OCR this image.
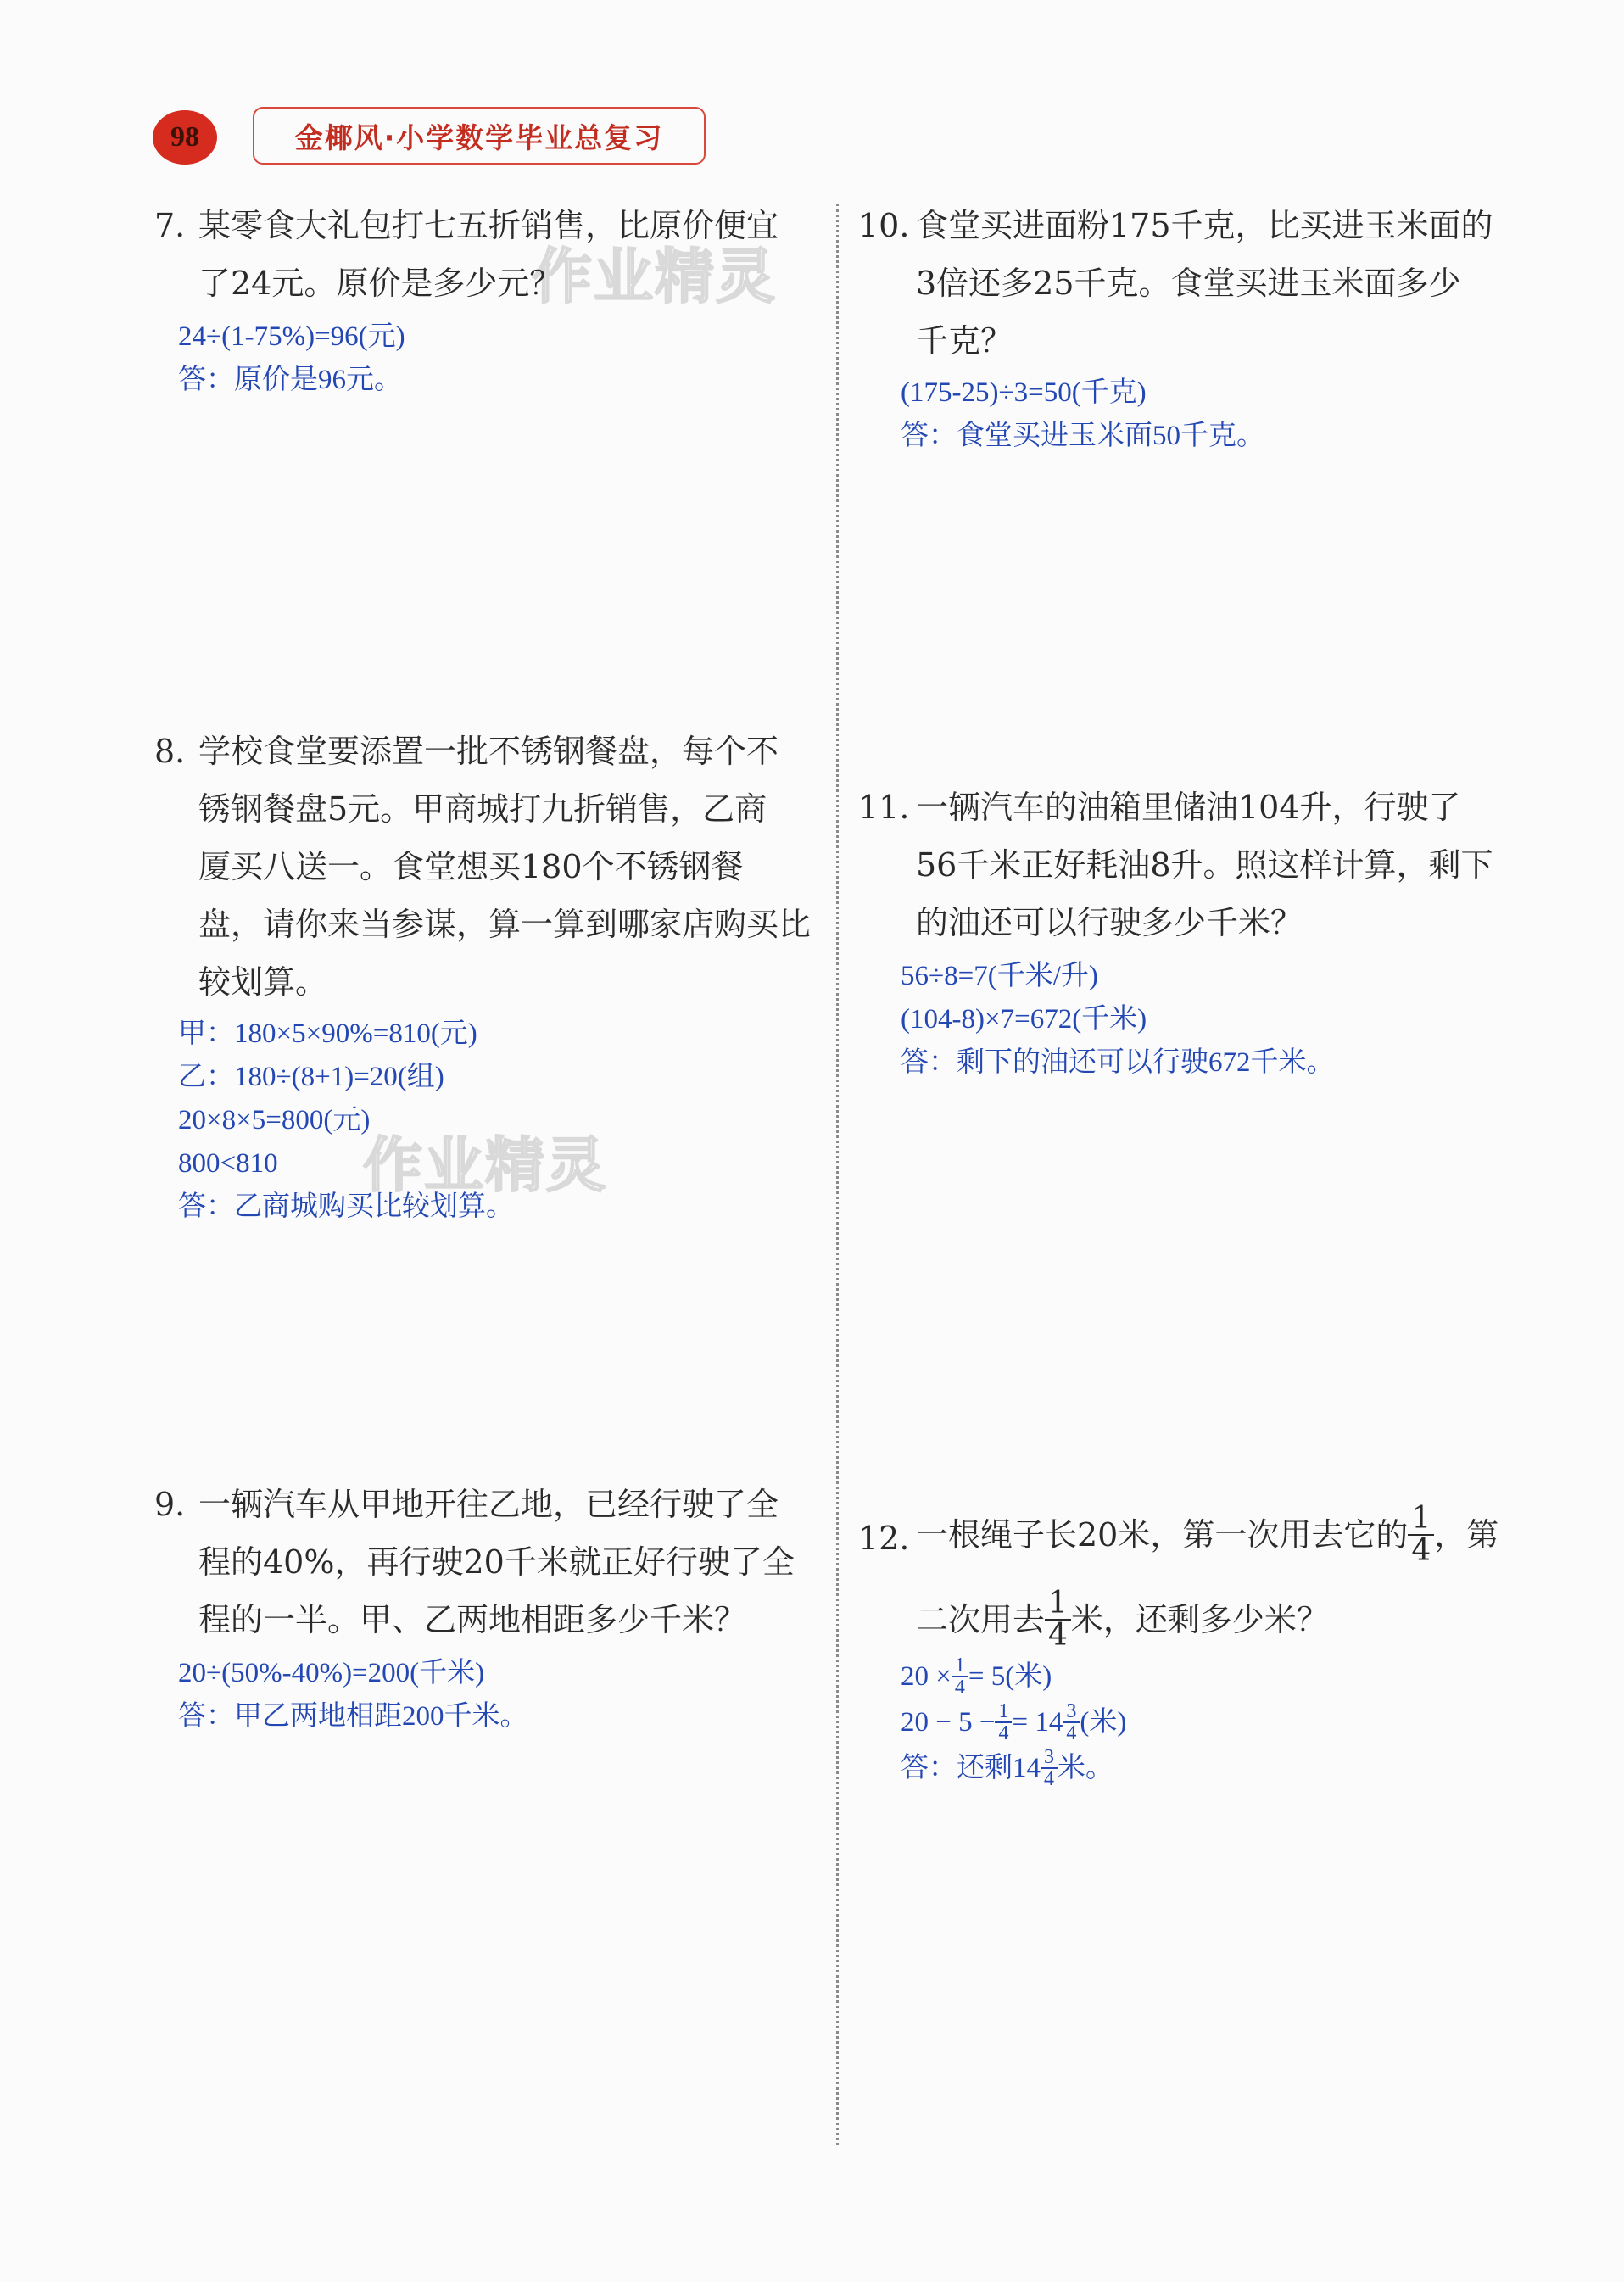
98	金椰风·小学数学毕业总复习
作业精灵
作业精灵
7. 某零食大礼包打七五折销售，比原价便宜
了24元。原价是多少元？
24÷(1-75%)=96(元)
答：原价是96元。
10. 食堂买进面粉175千克，比买进玉米面的
3倍还多25千克。食堂买进玉米面多少
千克？
(175-25)÷3=50(千克)
答：食堂买进玉米面50千克。
8. 学校食堂要添置一批不锈钢餐盘，每个不
锈钢餐盘5元。甲商城打九折销售，乙商
厦买八送一。食堂想买180个不锈钢餐
盘，请你来当参谋，算一算到哪家店购买比
较划算。
甲：180×5×90%=810(元)
乙：180÷(8+1)=20(组)
20×8×5=800(元)
800<810
答：乙商城购买比较划算。
11. 一辆汽车的油箱里储油104升，行驶了
56千米正好耗油8升。照这样计算，剩下
的油还可以行驶多少千米？
56÷8=7(千米/升)
(104-8)×7=672(千米)
答：剩下的油还可以行驶672千米。
9. 一辆汽车从甲地开往乙地，已经行驶了全
程的40%，再行驶20千米就正好行驶了全
程的一半。甲、乙两地相距多少千米？
20÷(50%-40%)=200(千米)
答：甲乙两地相距200千米。
12. 一根绳子长20米，第一次用去它的 $\frac{1}{4}$ ，第
二次用去 $\frac{1}{4}$ 米，还剩多少米？
$20 \times \frac{1}{4} = 5$(米)
$20 - 5 - \frac{1}{4} = 14 \frac{3}{4}$ (米)
答：还剩$14 \frac{3}{4}$ 米。
